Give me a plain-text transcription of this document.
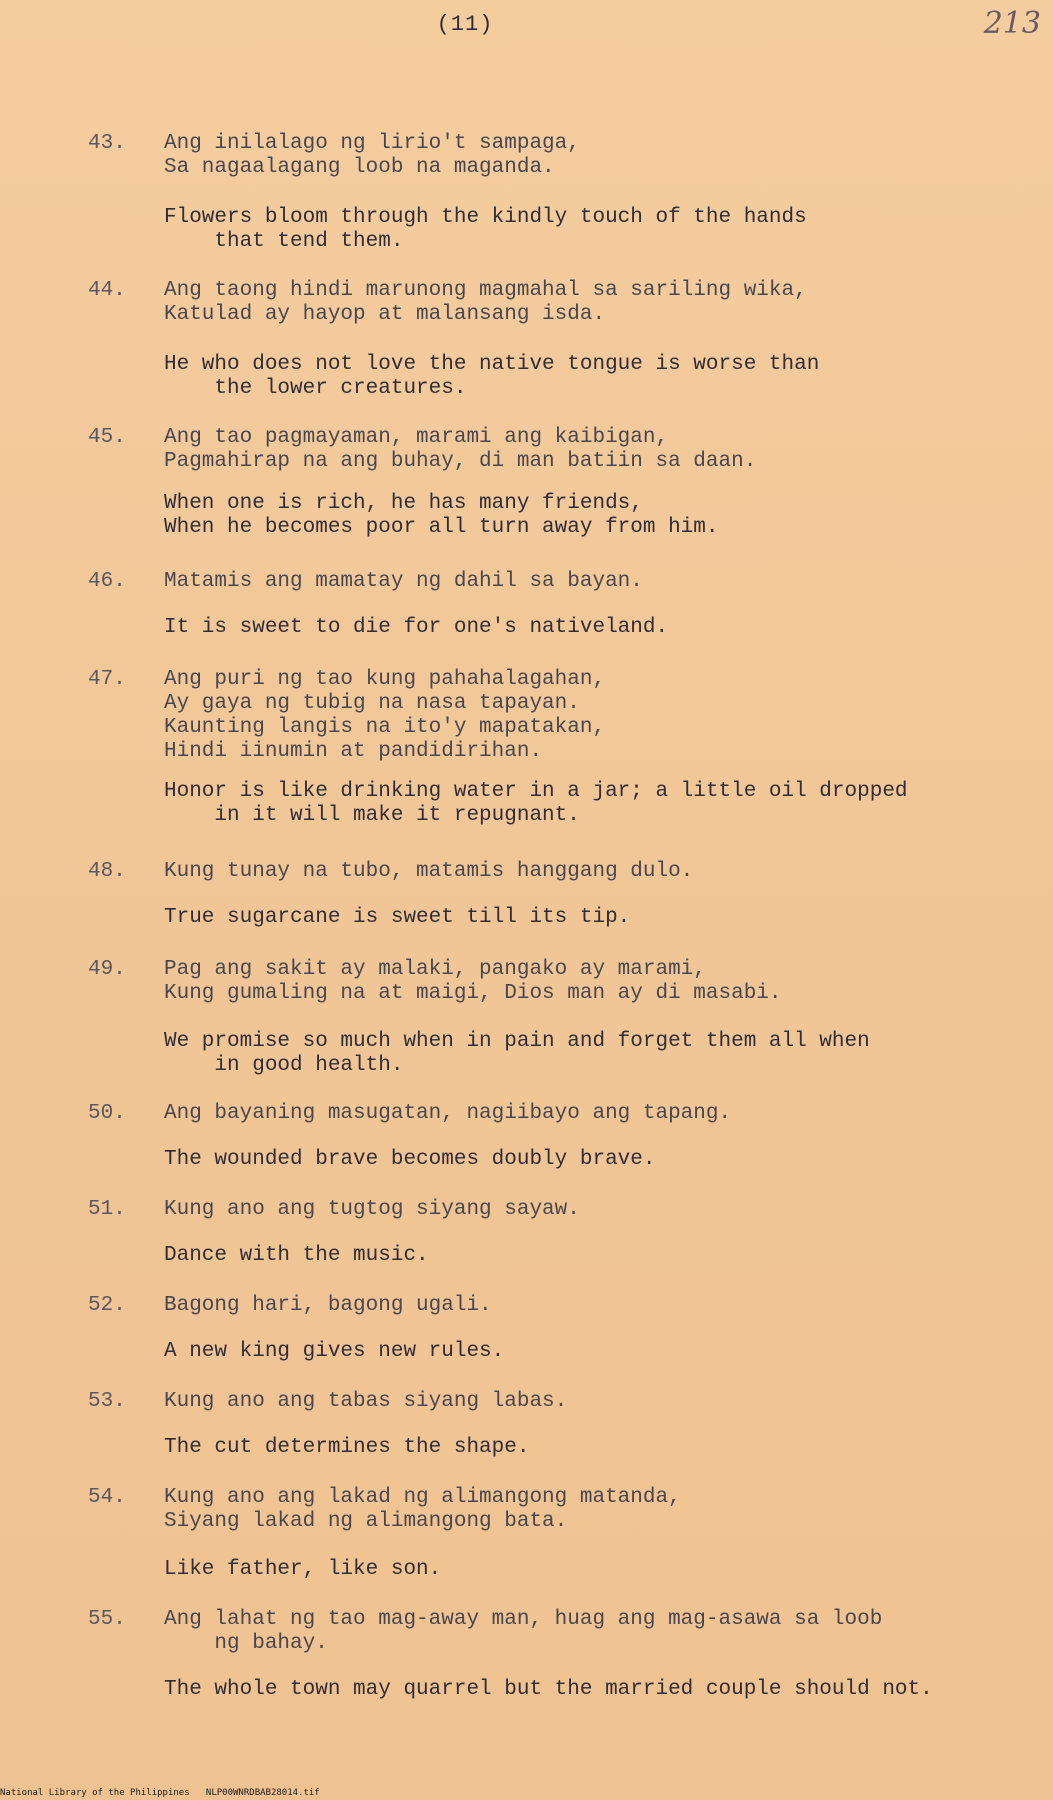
(11)	213
43.	Ang inilalago ng lirio't sampaga,
Sa nagaalagang loob na maganda.
Flowers bloom through the kindly touch of the hands
that tend them.
44.	Ang taong hindi marunong magmahal sa sariling wika,
Katulad ay hayop at malansang isda.
He who does not love the native tongue is worse than
the lower creatures.
45.	Ang tao pagmayaman, marami ang kaibigan,
Pagmahirap na ang buhay, di man batiin sa daan.
When one is rich, he has many friends,
When he becomes poor all turn away from him.
46.	Matamis ang mamatay ng dahil sa bayan.
It is sweet to die for one's nativeland.
47.	Ang puri ng tao kung pahahalagahan,
Ay gaya ng tubig na nasa tapayan.
Kaunting langis na ito'y mapatakan,
Hindi iinumin at pandidirihan.
Honor is like drinking water in a jar; a little oil dropped
in it will make it repugnant.
48.	Kung tunay na tubo, matamis hanggang dulo.
True sugarcane is sweet till its tip.
49.	Pag ang sakit ay malaki, pangako ay marami,
Kung gumaling na at maigi, Dios man ay di masabi.
We promise so much when in pain and forget them all when
in good health.
50.	Ang bayaning masugatan, nagiibayo ang tapang.
The wounded brave becomes doubly brave.
51.	Kung ano ang tugtog siyang sayaw.
Dance with the music.
52.	Bagong hari, bagong ugali.
A new king gives new rules.
53.	Kung ano ang tabas siyang labas.
The cut determines the shape.
54.	Kung ano ang lakad ng alimangong matanda,
Siyang lakad ng alimangong bata.
Like father, like son.
55.	Ang lahat ng tao mag-away man, huag ang mag-asawa sa loob
ng bahay.
The whole town may quarrel but the married couple should not.
National Library of the Philippines NLP00WNRDBAB28014.tif
